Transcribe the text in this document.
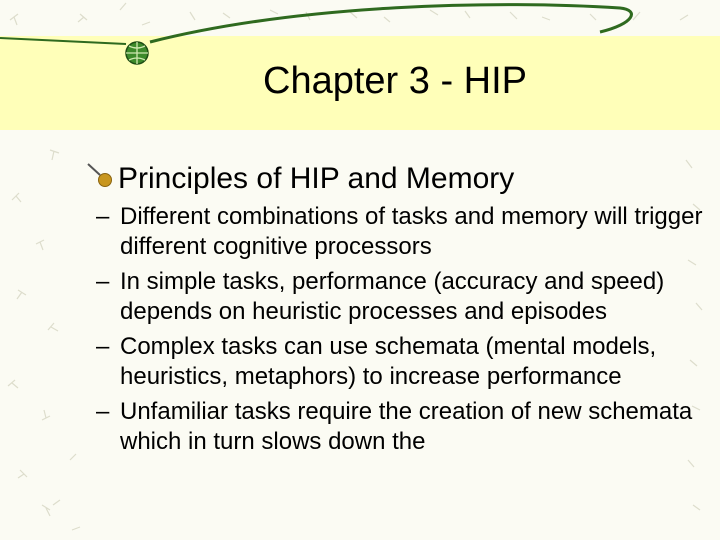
Chapter 3 - HIP
Principles of HIP and Memory
– Different combinations of tasks and memory will trigger different cognitive processors
– In simple tasks, performance (accuracy and speed) depends on heuristic processes and episodes
– Complex tasks can use schemata (mental models, heuristics, metaphors) to increase performance
– Unfamiliar tasks require the creation of new schemata which in turn slows down the
